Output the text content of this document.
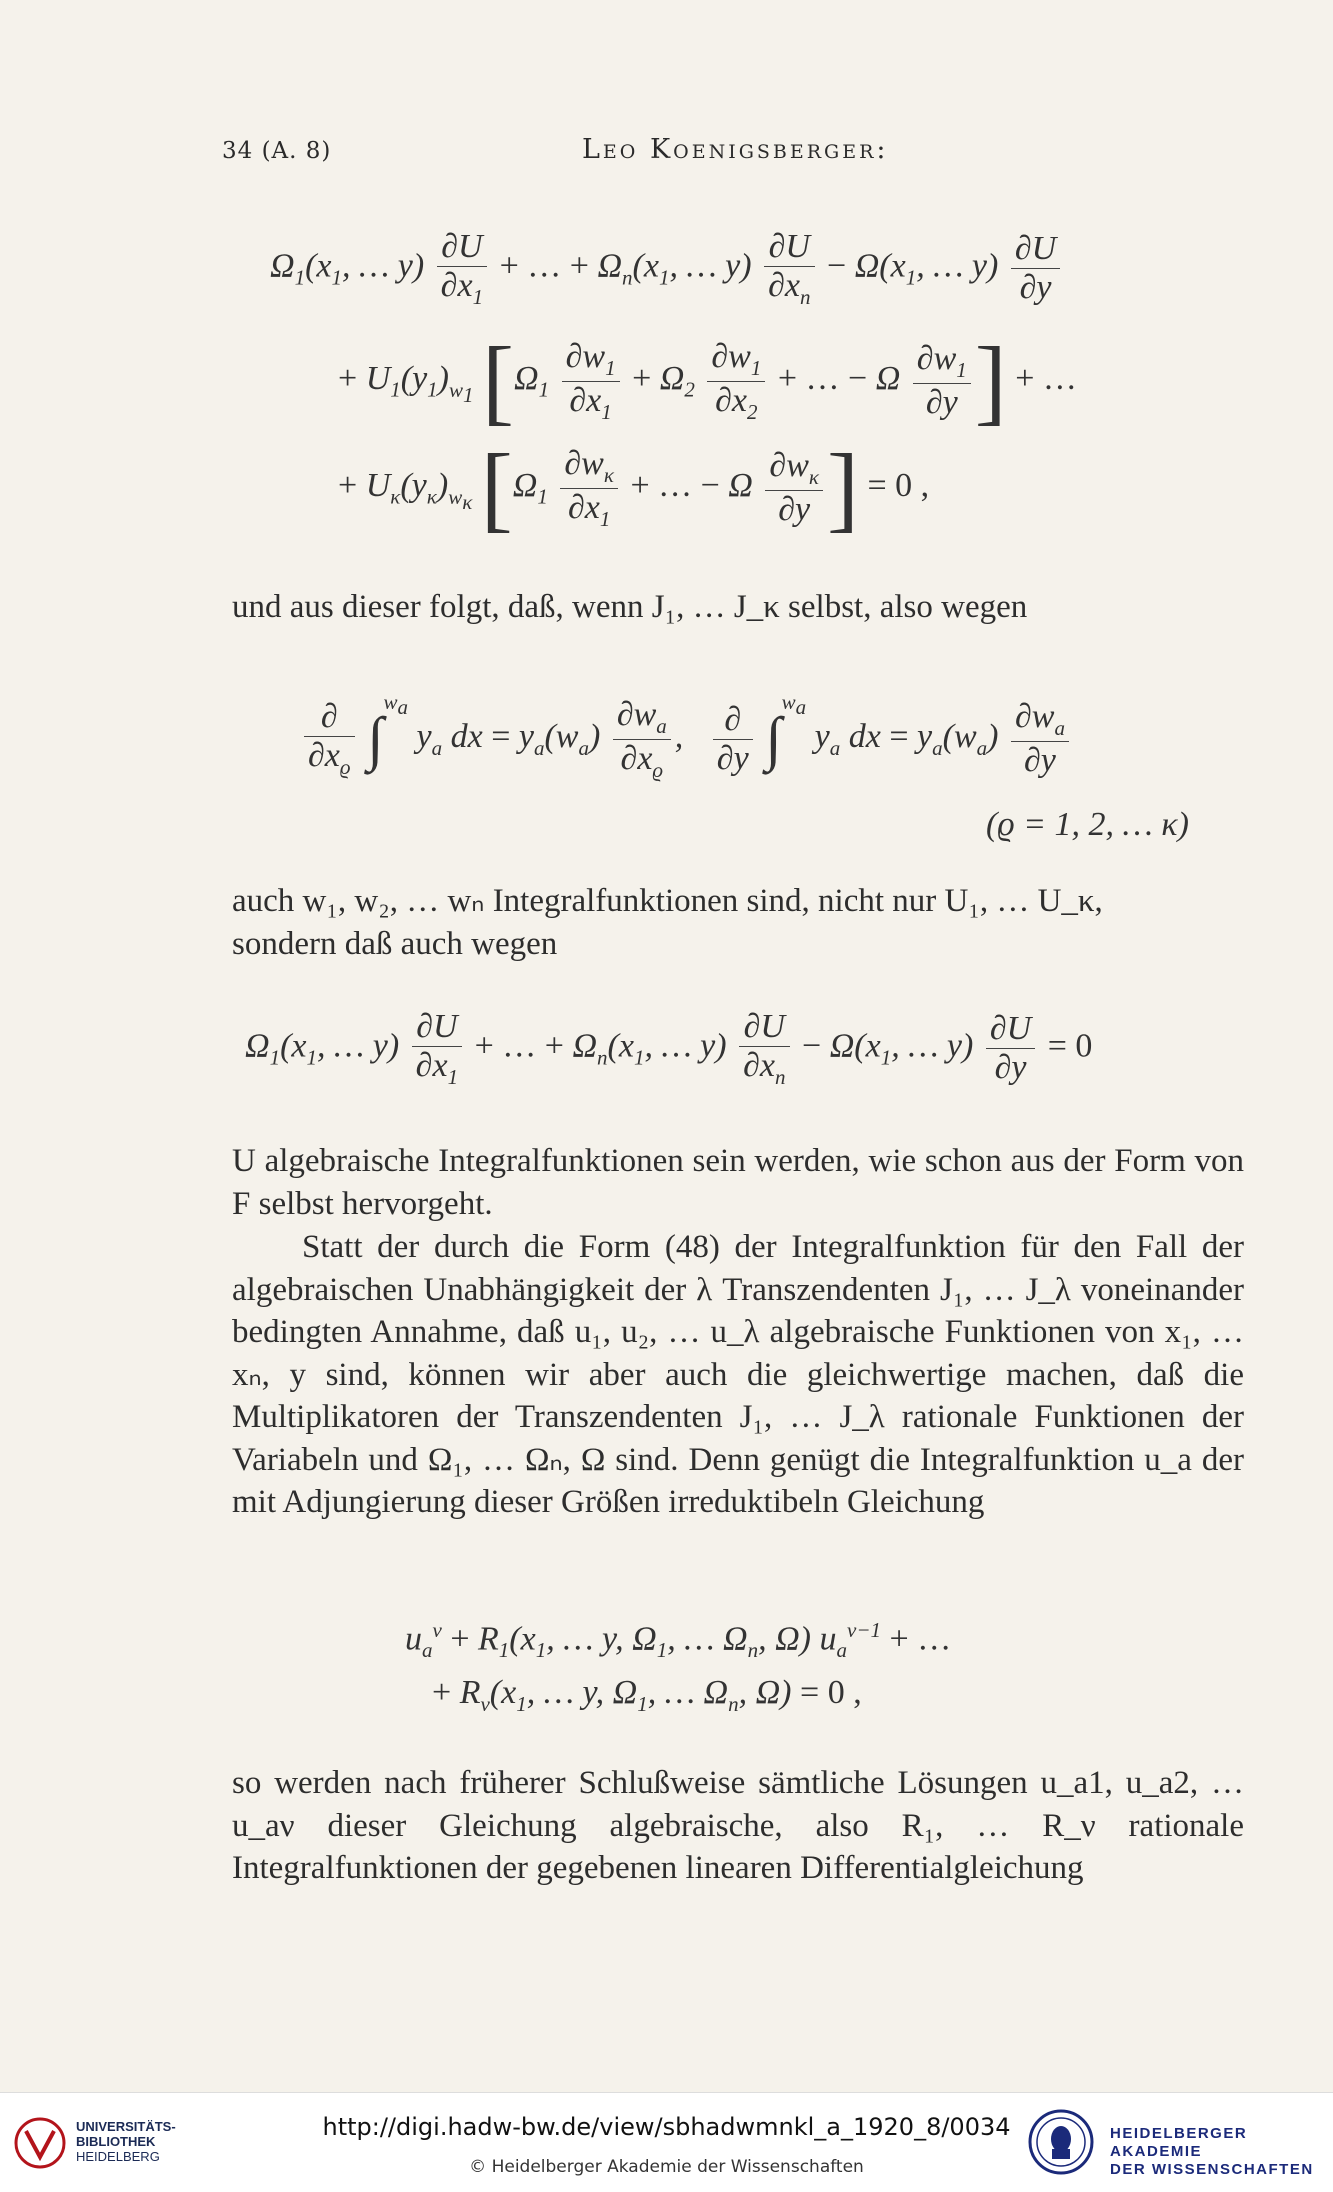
34 (A. 8)	Leo Koenigsberger:
$\Omega_1(x_1$, … $y) \frac{\partial U}{\partial x_1}$ + … + $\Omega_n(x_1$, … $y) \frac{\partial U}{\partial x_n} - \Omega(x_1$, … $y) \frac{\partial U}{\partial y}$
+ $U_1(y_1)_{w_1}$ [$\Omega_1 \frac{\partial w_1}{\partial x_1} + \Omega_2 \frac{\partial w_1}{\partial x_2}$ + … − Ω $\frac{\partial w_1}{\partial y}$ ] + …
+ $U_\kappa(y_\kappa)_{w_\kappa}$ [$\Omega_1 \frac{\partial w_\kappa}{\partial x_1}$ + … − Ω $\frac{\partial w_\kappa}{\partial y}$ ] = 0 ,

und aus dieser folgt, daß, wenn J₁, … J_κ selbst, also wegen

$\frac{\partial}{\partial x_ϱ} \int^{w_a}$ $y_a$ dx = $y_a(w_a) \frac{\partial w_a}{\partial x_ϱ}$ , $\frac{\partial}{\partial y} \int^{w_a}$ $y_a$ dx = $y_a(w_a) \frac{\partial w_a}{\partial y}$
(ϱ = 1, 2, … κ)

auch w₁, w₂, … wₙ Integralfunktionen sind, nicht nur U₁, … U_κ,

sondern daß auch wegen

$\Omega_1(x_1$, … $y) \frac{\partial U}{\partial x_1}$ + … + $\Omega_n(x_1$, … $y) \frac{\partial U}{\partial x_n} - \Omega(x_1$, … $y) \frac{\partial U}{\partial y} = 0$

U algebraische Integralfunktionen sein werden, wie schon aus der Form von F selbst hervorgeht.

Statt der durch die Form (48) der Integralfunktion für den Fall der algebraischen Unabhängigkeit der λ Transzendenten J₁, … J_λ voneinander bedingten Annahme, daß u₁, u₂, … u_λ algebraische Funktionen von x₁, … xₙ, y sind, können wir aber auch die gleichwertige machen, daß die Multiplikatoren der Transzendenten J₁, … J_λ rationale Funktionen der Variabeln und Ω₁, … Ωₙ, Ω sind. Denn genügt die Integralfunktion u_a der mit Adjungierung dieser Größen irreduktibeln Gleichung

$u_a^\nu + R_1(x_1$, … y, $\Omega_1$, … $\Omega_n$, Ω) $u_a^{\nu-1}$ + …
+ $R_\nu(x_1$, … y, $\Omega_1$, … $\Omega_n$, Ω) = 0 ,

so werden nach früherer Schlußweise sämtliche Lösungen u_a1, u_a2, … u_aν dieser Gleichung algebraische, also R₁, … R_ν rationale Integralfunktionen der gegebenen linearen Differentialgleichung

UNIVERSITÄTS-
BIBLIOTHEK
HEIDELBERG
http://digi.hadw-bw.de/view/sbhadwmnkl_a_1920_8/0034
© Heidelberger Akademie der Wissenschaften
HEIDELBERGER AKADEMIE
DER WISSENSCHAFTEN
